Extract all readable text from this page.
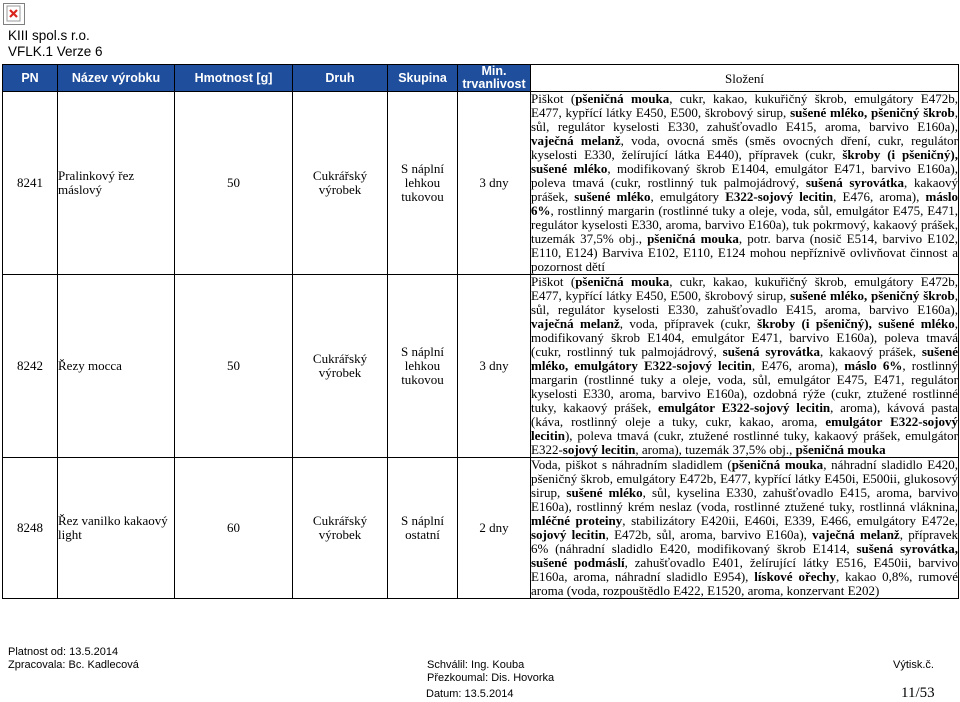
KIII spol.s r.o.
VFLK.1 Verze 6
PN	Název výrobku	Hmotnost [g]	Druh	Skupina	Min. trvanlivost	Složení
8241	Pralinkový řez máslový	50	Cukrářský výrobek	S náplní lehkou tukovou	3 dny	Piškot (pšeničná mouka, cukr, kakao, kukuřičný škrob, emulgátory E472b, E477, kypřící látky E450, E500, škrobový sirup, sušené mléko, pšeničný škrob, sůl, regulátor kyselosti E330, zahušťovadlo E415, aroma, barvivo E160a), vaječná melanž, voda, ovocná směs (směs ovocných dření, cukr, regulátor kyselosti E330, želírující látka E440), přípravek (cukr, škroby (i pšeničný), sušené mléko, modifikovaný škrob E1404, emulgátor E471, barvivo E160a), poleva tmavá (cukr, rostlinný tuk palmojádrový, sušená syrovátka, kakaový prášek, sušené mléko, emulgátory E322-sojový lecitin, E476, aroma), máslo 6%, rostlinný margarin (rostlinné tuky a oleje, voda, sůl, emulgátor E475, E471, regulátor kyselosti E330, aroma, barvivo E160a), tuk pokrmový, kakaový prášek, tuzemák 37,5% obj., pšeničná mouka, potr. barva (nosič E514, barvivo E102, E110, E124) Barviva E102, E110, E124 mohou nepříznivě ovlivňovat činnost a pozornost dětí
8242	Řezy mocca	50	Cukrářský výrobek	S náplní lehkou tukovou	3 dny	Piškot (pšeničná mouka, cukr, kakao, kukuřičný škrob, emulgátory E472b, E477, kypřící látky E450, E500, škrobový sirup, sušené mléko, pšeničný škrob, sůl, regulátor kyselosti E330, zahušťovadlo E415, aroma, barvivo E160a), vaječná melanž, voda, přípravek (cukr, škroby (i pšeničný), sušené mléko, modifikovaný škrob E1404, emulgátor E471, barvivo E160a), poleva tmavá (cukr, rostlinný tuk palmojádrový, sušená syrovátka, kakaový prášek, sušené mléko, emulgátory E322-sojový lecitin, E476, aroma), máslo 6%, rostlinný margarin (rostlinné tuky a oleje, voda, sůl, emulgátor E475, E471, regulátor kyselosti E330, aroma, barvivo E160a), ozdobná rýže (cukr, ztužené rostlinné tuky, kakaový prášek, emulgátor E322-sojový lecitin, aroma), kávová pasta (káva, rostlinný oleje a tuky, cukr, kakao, aroma, emulgátor E322-sojový lecitin), poleva tmavá (cukr, ztužené rostlinné tuky, kakaový prášek, emulgátor E322-sojový lecitin, aroma), tuzemák 37,5% obj., pšeničná mouka
8248	Řez vanilko kakaový light	60	Cukrářský výrobek	S náplní ostatní	2 dny	Voda, piškot s náhradním sladidlem (pšeničná mouka, náhradní sladidlo E420, pšeničný škrob, emulgátory E472b, E477, kypřící látky E450i, E500ii, glukosový sirup, sušené mléko, sůl, kyselina E330, zahušťovadlo E415, aroma, barvivo E160a), rostlinný krém neslaz (voda, rostlinné ztužené tuky, rostlinná vláknina, mléčné proteiny, stabilizátory E420ii, E460i, E339, E466, emulgátory E472e, sojový lecitin, E472b, sůl, aroma, barvivo E160a), vaječná melanž, přípravek 6% (náhradní sladidlo E420, modifikovaný škrob E1414, sušená syrovátka, sušené podmáslí, zahušťovadlo E401, želírující látky E516, E450ii, barvivo E160a, aroma, náhradní sladidlo E954), lískové ořechy, kakao 0,8%, rumové aroma (voda, rozpouštědlo E422, E1520, aroma, konzervant E202)
Platnost od: 13.5.2014
Zpracovala: Bc. Kadlecová	Schválil: Ing. Kouba
Přezkoumal: Dis. Hovorka
Výtisk.č.
Datum: 13.5.2014	11/53
